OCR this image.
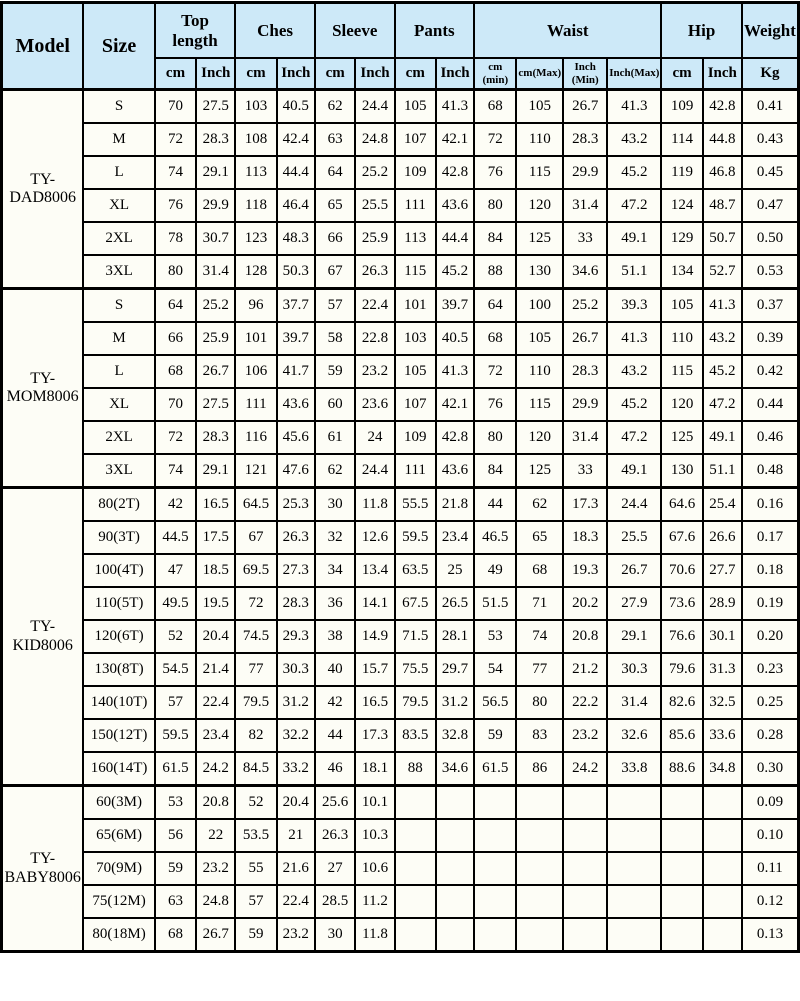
Model	Size	Top length		Ches		Sleeve		Pants		Waist				Hip		Weight
		cm	Inch	cm	Inch	cm	Inch	cm	Inch	cm (min)	cm(Max)	Inch (Min)	Inch(Max)	cm	Inch	Kg
TY-DAD8006	S	70	27.5	103	40.5	62	24.4	105	41.3	68	105	26.7	41.3	109	42.8	0.41
	M	72	28.3	108	42.4	63	24.8	107	42.1	72	110	28.3	43.2	114	44.8	0.43
	L	74	29.1	113	44.4	64	25.2	109	42.8	76	115	29.9	45.2	119	46.8	0.45
	XL	76	29.9	118	46.4	65	25.5	111	43.6	80	120	31.4	47.2	124	48.7	0.47
	2XL	78	30.7	123	48.3	66	25.9	113	44.4	84	125	33	49.1	129	50.7	0.50
	3XL	80	31.4	128	50.3	67	26.3	115	45.2	88	130	34.6	51.1	134	52.7	0.53
TY-MOM8006	S	64	25.2	96	37.7	57	22.4	101	39.7	64	100	25.2	39.3	105	41.3	0.37
	M	66	25.9	101	39.7	58	22.8	103	40.5	68	105	26.7	41.3	110	43.2	0.39
	L	68	26.7	106	41.7	59	23.2	105	41.3	72	110	28.3	43.2	115	45.2	0.42
	XL	70	27.5	111	43.6	60	23.6	107	42.1	76	115	29.9	45.2	120	47.2	0.44
	2XL	72	28.3	116	45.6	61	24	109	42.8	80	120	31.4	47.2	125	49.1	0.46
	3XL	74	29.1	121	47.6	62	24.4	111	43.6	84	125	33	49.1	130	51.1	0.48
TY-KID8006	80(2T)	42	16.5	64.5	25.3	30	11.8	55.5	21.8	44	62	17.3	24.4	64.6	25.4	0.16
	90(3T)	44.5	17.5	67	26.3	32	12.6	59.5	23.4	46.5	65	18.3	25.5	67.6	26.6	0.17
	100(4T)	47	18.5	69.5	27.3	34	13.4	63.5	25	49	68	19.3	26.7	70.6	27.7	0.18
	110(5T)	49.5	19.5	72	28.3	36	14.1	67.5	26.5	51.5	71	20.2	27.9	73.6	28.9	0.19
	120(6T)	52	20.4	74.5	29.3	38	14.9	71.5	28.1	53	74	20.8	29.1	76.6	30.1	0.20
	130(8T)	54.5	21.4	77	30.3	40	15.7	75.5	29.7	54	77	21.2	30.3	79.6	31.3	0.23
	140(10T)	57	22.4	79.5	31.2	42	16.5	79.5	31.2	56.5	80	22.2	31.4	82.6	32.5	0.25
	150(12T)	59.5	23.4	82	32.2	44	17.3	83.5	32.8	59	83	23.2	32.6	85.6	33.6	0.28
	160(14T)	61.5	24.2	84.5	33.2	46	18.1	88	34.6	61.5	86	24.2	33.8	88.6	34.8	0.30
TY-BABY8006	60(3M)	53	20.8	52	20.4	25.6	10.1									0.09
	65(6M)	56	22	53.5	21	26.3	10.3									0.10
	70(9M)	59	23.2	55	21.6	27	10.6									0.11
	75(12M)	63	24.8	57	22.4	28.5	11.2									0.12
	80(18M)	68	26.7	59	23.2	30	11.8									0.13
